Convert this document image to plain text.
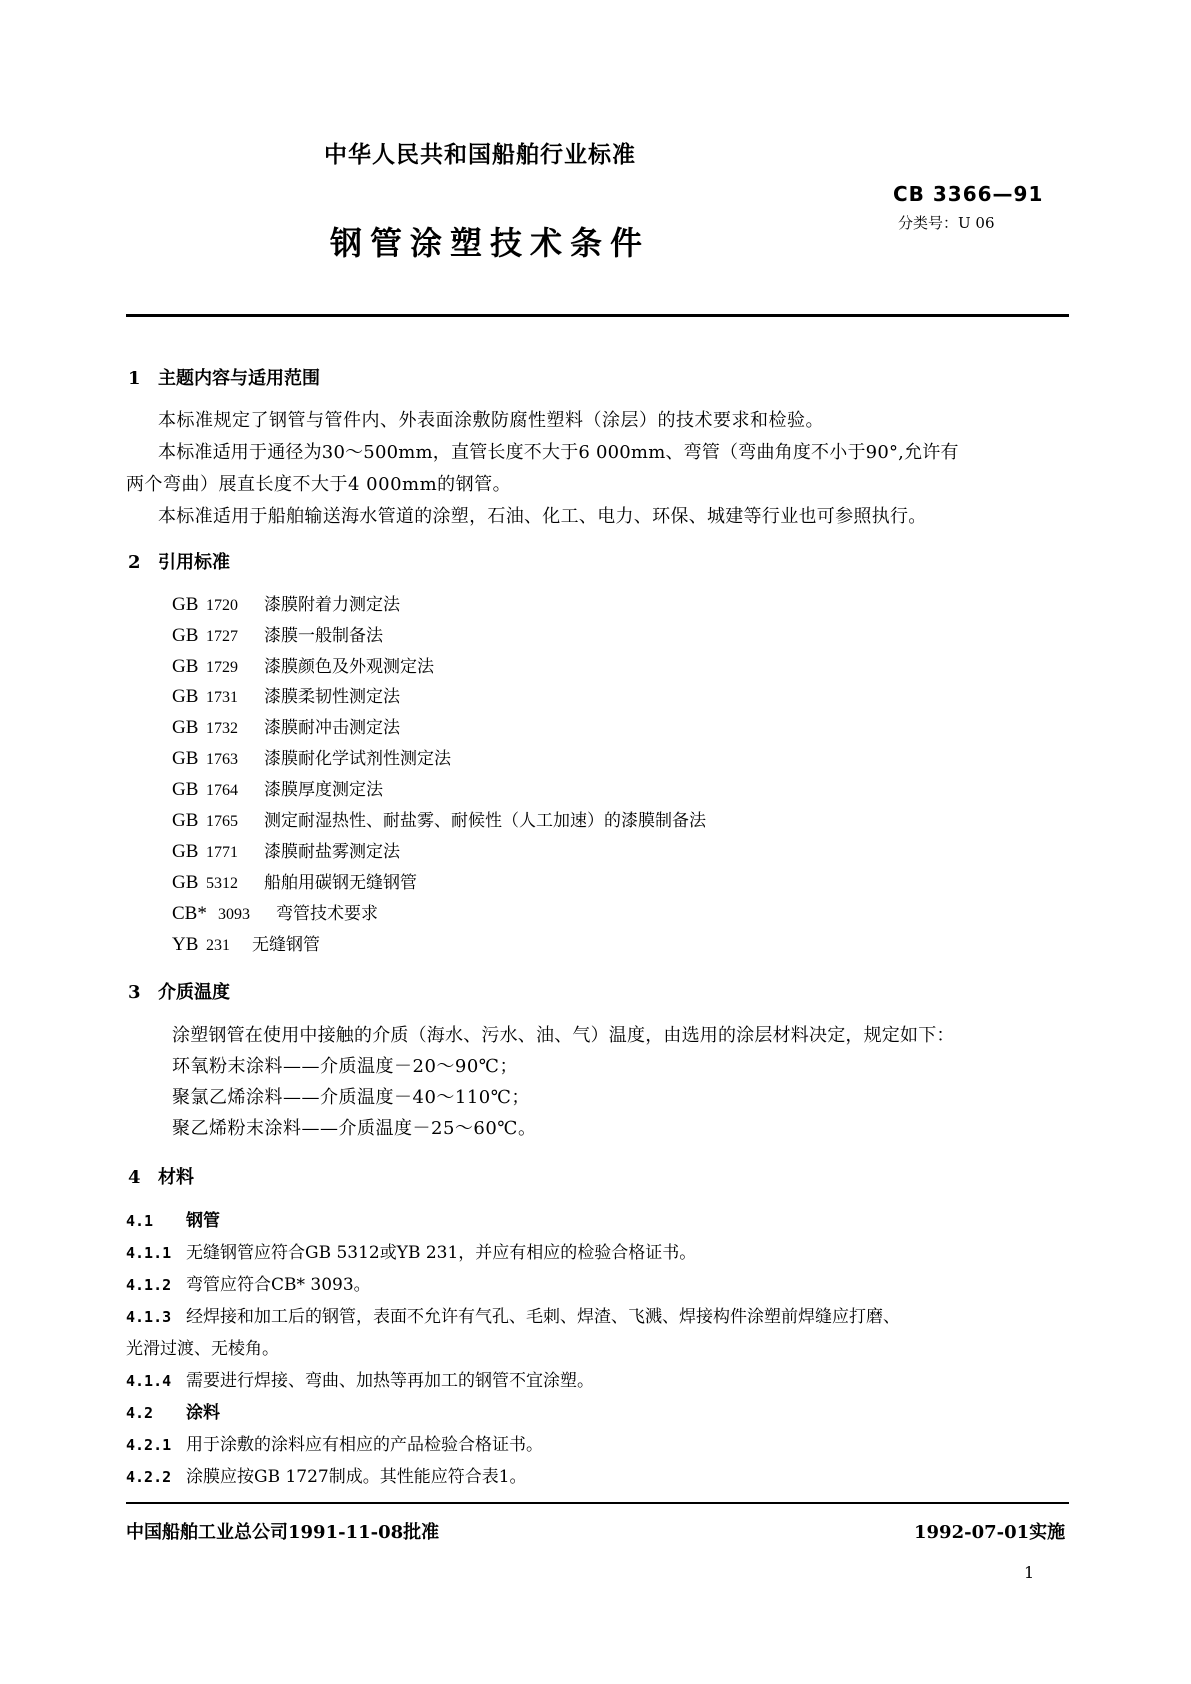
中华人民共和国船舶行业标准
CB 3366—91
分类号：U 06
钢管涂塑技术条件
1 主题内容与适用范围
本标准规定了钢管与管件内、外表面涂敷防腐性塑料（涂层）的技术要求和检验。
本标准适用于通径为30～500mm，直管长度不大于6 000mm、弯管（弯曲角度不小于90°,允许有
两个弯曲）展直长度不大于4 000mm的钢管。
本标准适用于船舶输送海水管道的涂塑，石油、化工、电力、环保、城建等行业也可参照执行。
2 引用标准
GB 1720 漆膜附着力测定法
GB 1727 漆膜一般制备法
GB 1729 漆膜颜色及外观测定法
GB 1731 漆膜柔韧性测定法
GB 1732 漆膜耐冲击测定法
GB 1763 漆膜耐化学试剂性测定法
GB 1764 漆膜厚度测定法
GB 1765 测定耐湿热性、耐盐雾、耐候性（人工加速）的漆膜制备法
GB 1771 漆膜耐盐雾测定法
GB 5312 船舶用碳钢无缝钢管
CB* 3093 弯管技术要求
YB 231 无缝钢管
3 介质温度
涂塑钢管在使用中接触的介质（海水、污水、油、气）温度，由选用的涂层材料决定，规定如下：
环氧粉末涂料——介质温度－20～90℃；
聚氯乙烯涂料——介质温度－40～110℃；
聚乙烯粉末涂料——介质温度－25～60℃。
4 材料
4.1 钢管
4.1.1 无缝钢管应符合GB 5312或YB 231，并应有相应的检验合格证书。
4.1.2 弯管应符合CB* 3093。
4.1.3 经焊接和加工后的钢管，表面不允许有气孔、毛刺、焊渣、飞溅、焊接构件涂塑前焊缝应打磨、
光滑过渡、无棱角。
4.1.4 需要进行焊接、弯曲、加热等再加工的钢管不宜涂塑。
4.2 涂料
4.2.1 用于涂敷的涂料应有相应的产品检验合格证书。
4.2.2 涂膜应按GB 1727制成。其性能应符合表1。
中国船舶工业总公司1991-11-08批准	1992-07-01实施
1
